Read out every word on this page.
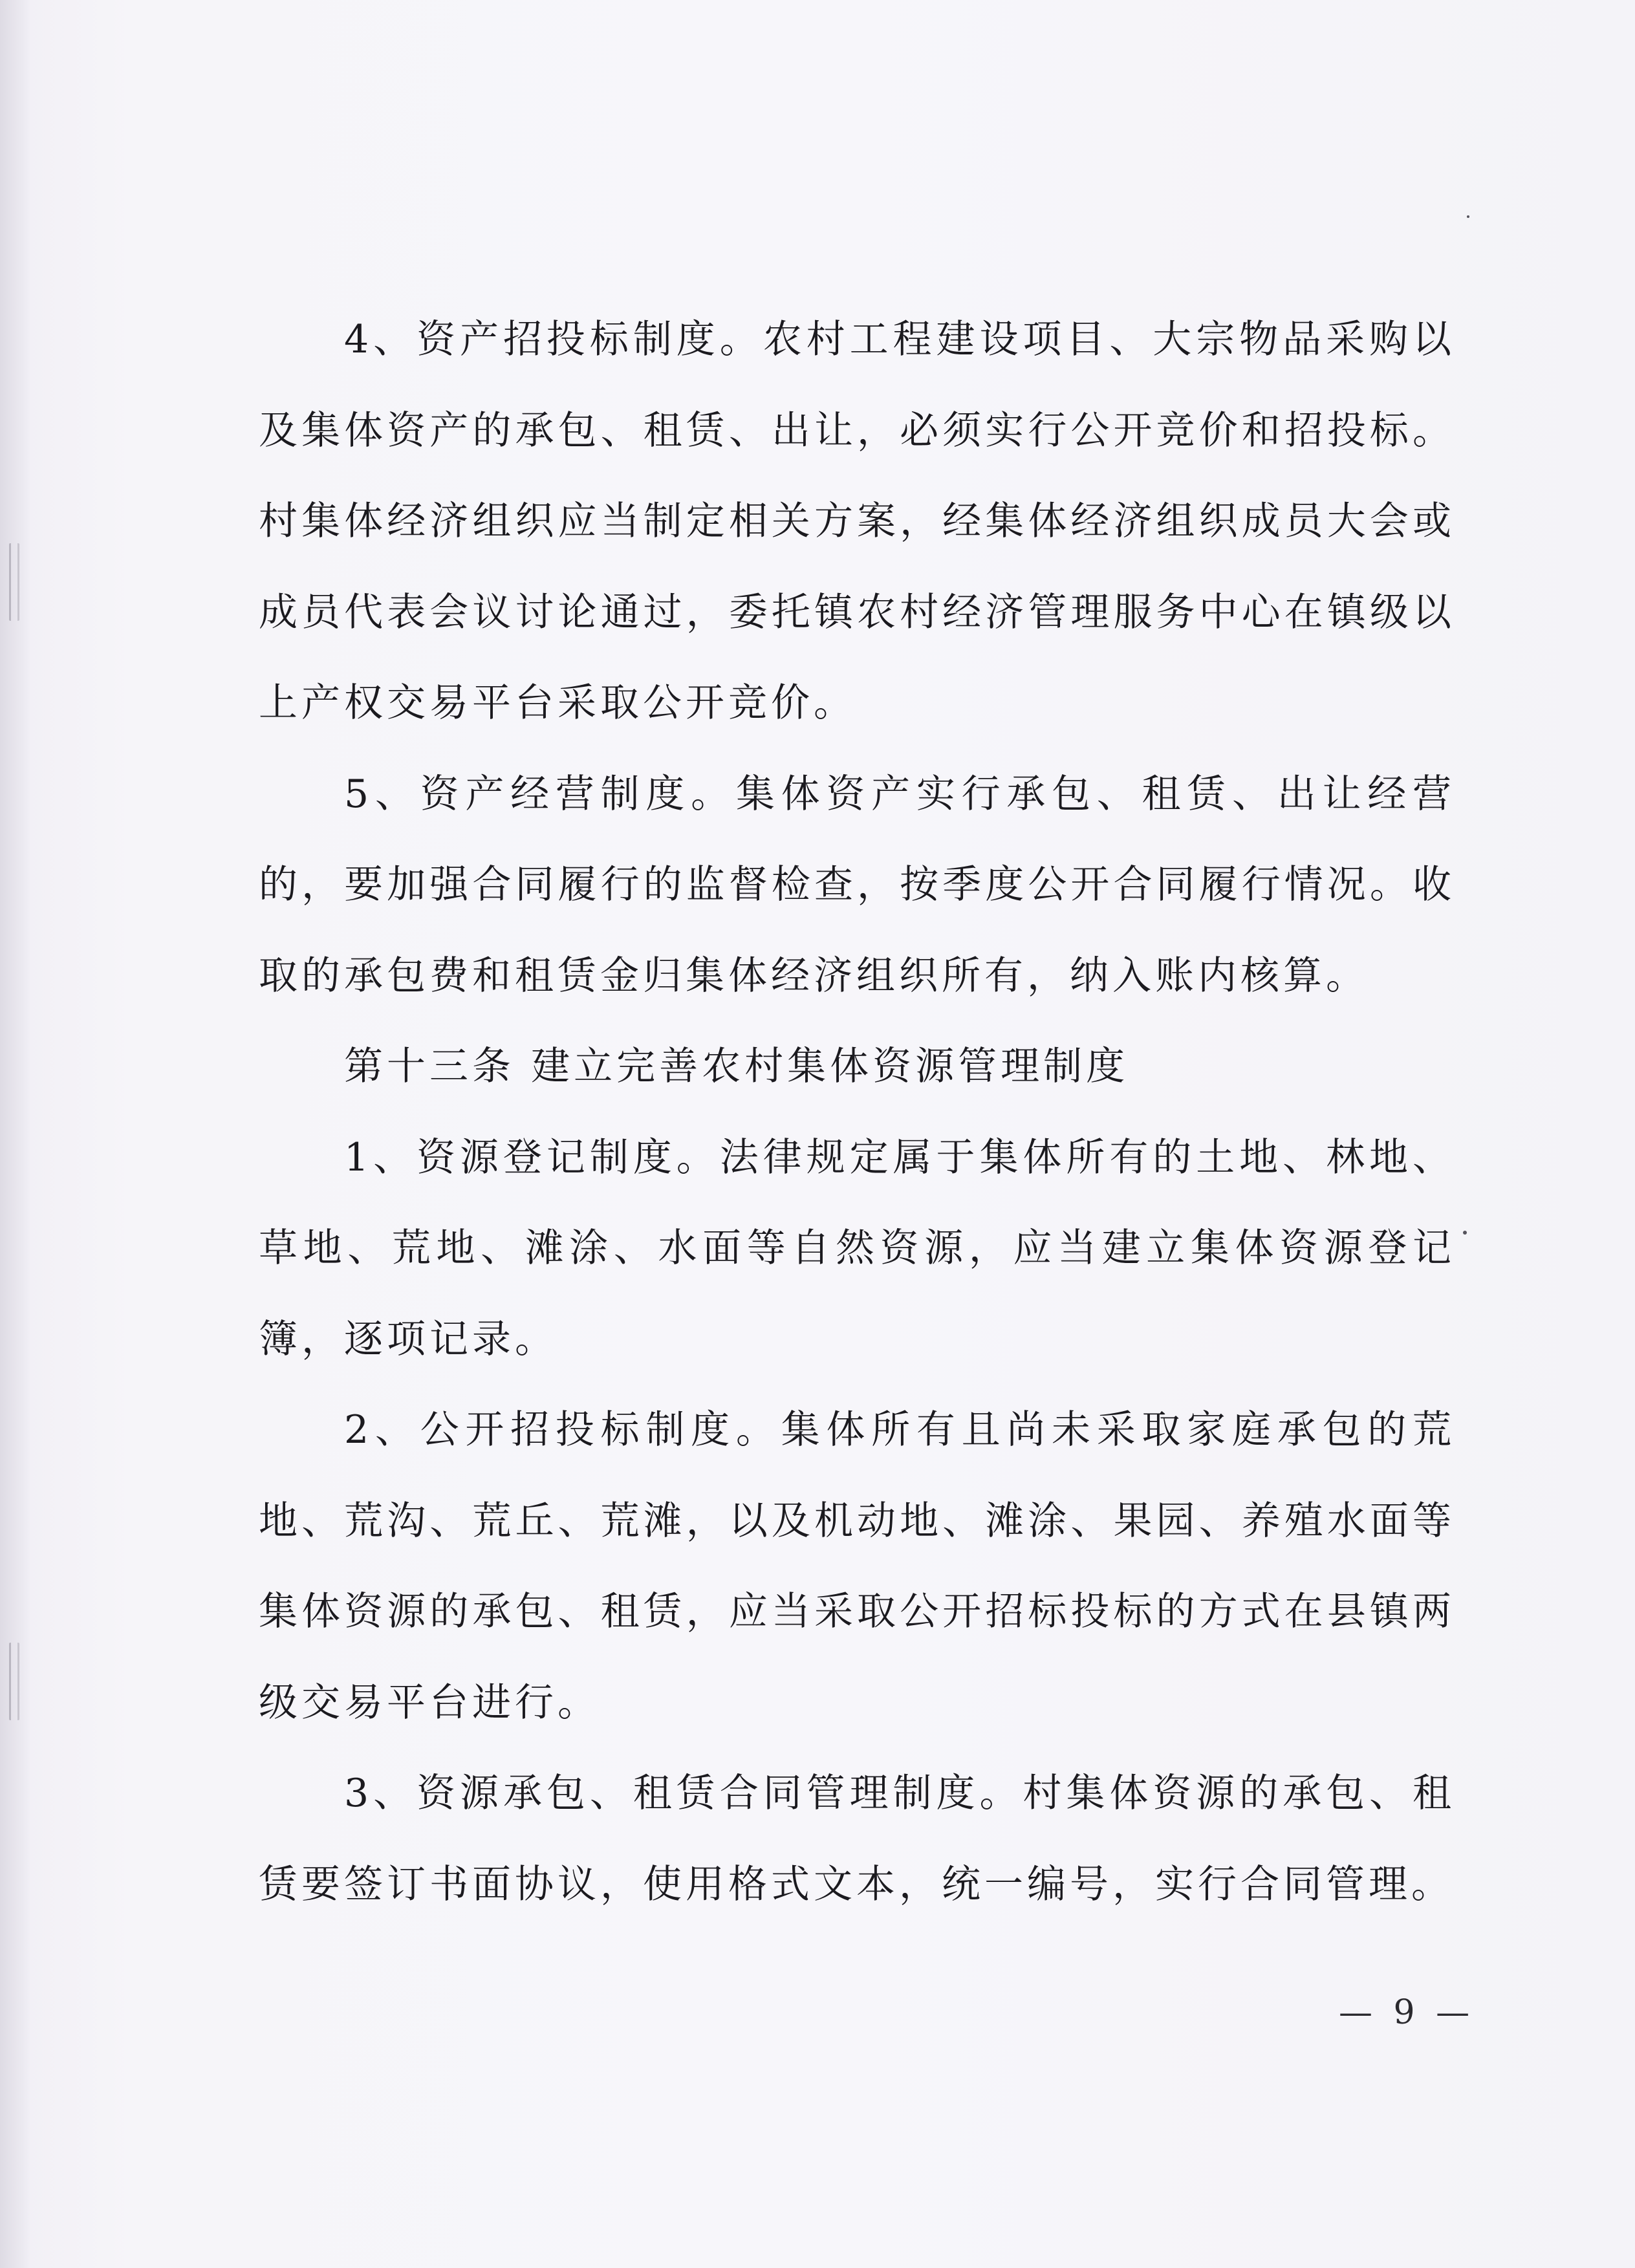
4、资产招投标制度。农村工程建设项目、大宗物品采购以及集体资产的承包、租赁、出让，必须实行公开竞价和招投标。村集体经济组织应当制定相关方案，经集体经济组织成员大会或成员代表会议讨论通过，委托镇农村经济管理服务中心在镇级以上产权交易平台采取公开竞价。

5、资产经营制度。集体资产实行承包、租赁、出让经营的，要加强合同履行的监督检查，按季度公开合同履行情况。收取的承包费和租赁金归集体经济组织所有，纳入账内核算。

第十三条 建立完善农村集体资源管理制度

1、资源登记制度。法律规定属于集体所有的土地、林地、草地、荒地、滩涂、水面等自然资源，应当建立集体资源登记簿，逐项记录。

2、公开招投标制度。集体所有且尚未采取家庭承包的荒地、荒沟、荒丘、荒滩，以及机动地、滩涂、果园、养殖水面等集体资源的承包、租赁，应当采取公开招标投标的方式在县镇两级交易平台进行。

3、资源承包、租赁合同管理制度。村集体资源的承包、租赁要签订书面协议，使用格式文本，统一编号，实行合同管理。

— 9 —
